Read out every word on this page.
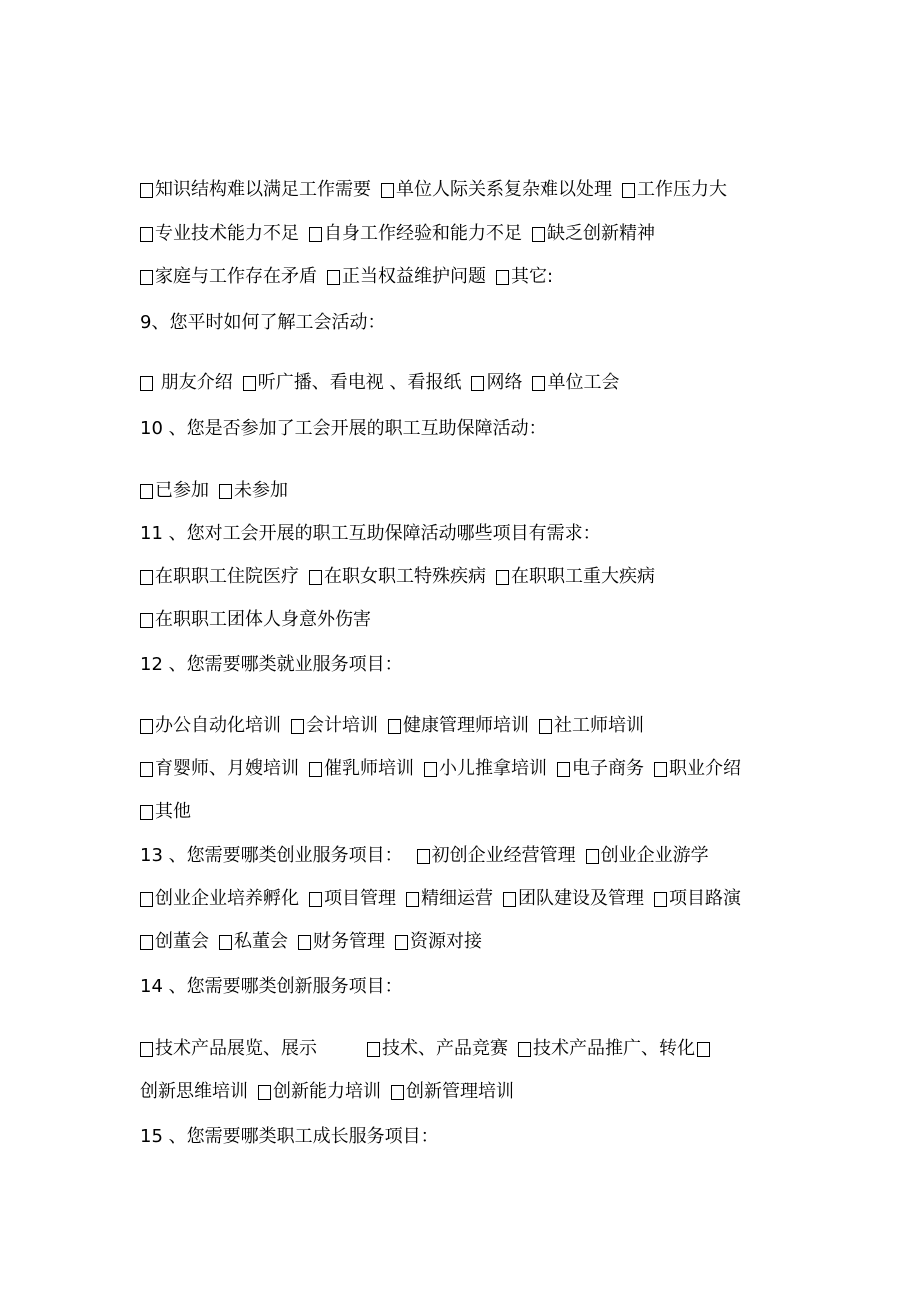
知识结构难以满足工作需要 单位人际关系复杂难以处理 工作压力大
专业技术能力不足 自身工作经验和能力不足 缺乏创新精神
家庭与工作存在矛盾 正当权益维护问题 其它:
9、您平时如何了解工会活动：
朋友介绍 听广播、看电视 、看报纸 网络 单位工会
10 、您是否参加了工会开展的职工互助保障活动：
已参加 未参加
11 、您对工会开展的职工互助保障活动哪些项目有需求：
在职职工住院医疗 在职女职工特殊疾病 在职职工重大疾病
在职职工团体人身意外伤害
12 、您需要哪类就业服务项目：
办公自动化培训 会计培训 健康管理师培训 社工师培训
育婴师、月嫂培训 催乳师培训 小儿推拿培训 电子商务 职业介绍
其他
13 、您需要哪类创业服务项目： 初创企业经营管理 创业企业游学
创业企业培养孵化 项目管理 精细运营 团队建设及管理 项目路演
创董会 私董会 财务管理 资源对接
14 、您需要哪类创新服务项目：
技术产品展览、展示	技术、产品竞赛 技术产品推广、转化
创新思维培训 创新能力培训 创新管理培训
15 、您需要哪类职工成长服务项目：
